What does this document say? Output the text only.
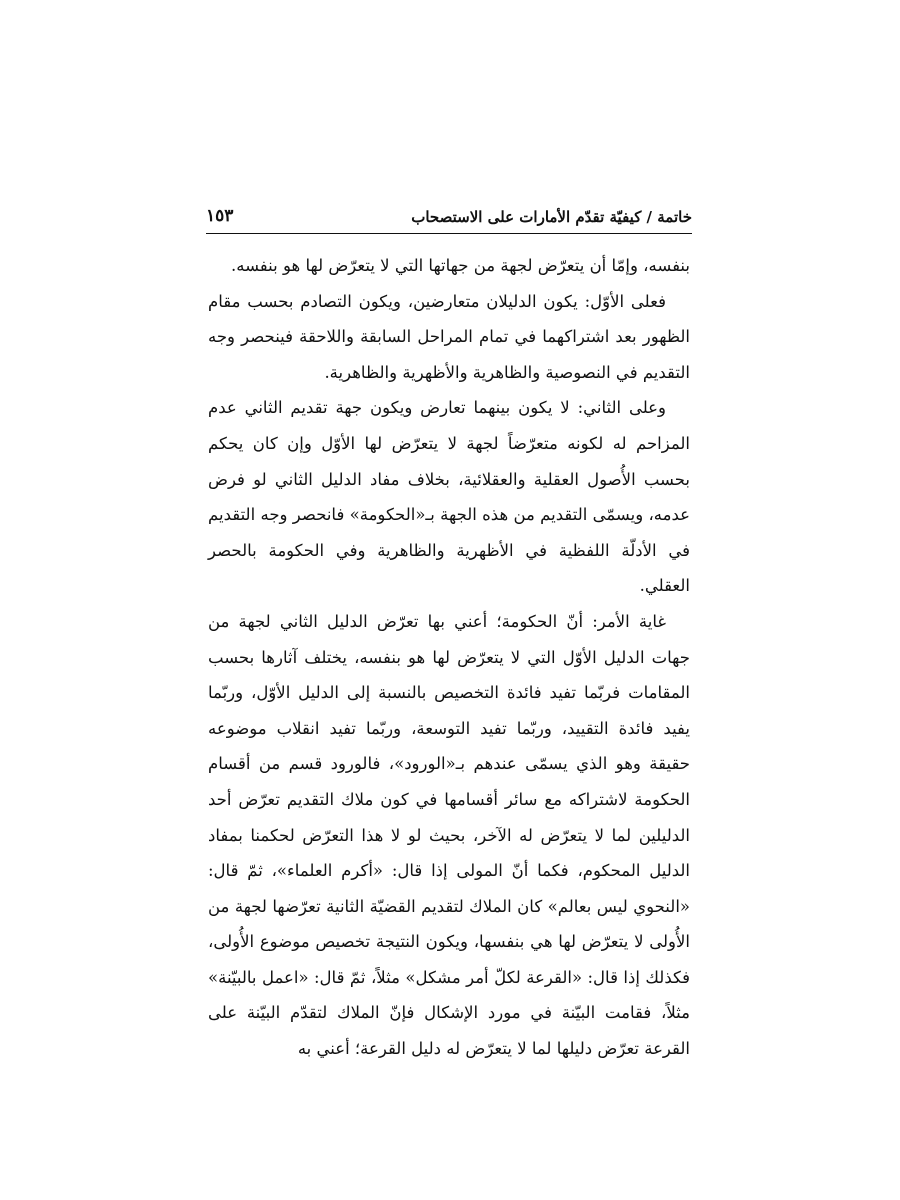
خاتمة / كيفيّة تقدّم الأمارات على الاستصحاب
١٥٣

بنفسه، وإمّا أن يتعرّض لجهة من جهاتها التي لا يتعرّض لها هو بنفسه.

فعلى الأوّل: يكون الدليلان متعارضين، ويكون التصادم بحسب مقام الظهور بعد اشتراكهما في تمام المراحل السابقة واللاحقة فينحصر وجه التقديم في النصوصية والظاهرية والأظهرية والظاهرية.

وعلى الثاني: لا يكون بينهما تعارض ويكون جهة تقديم الثاني عدم المزاحم له لكونه متعرّضاً لجهة لا يتعرّض لها الأوّل وإن كان يحكم بحسب الأُصول العقلية والعقلائية، بخلاف مفاد الدليل الثاني لو فرض عدمه، ويسمّى التقديم من هذه الجهة بـ«الحكومة» فانحصر وجه التقديم في الأدلّة اللفظية في الأظهرية والظاهرية وفي الحكومة بالحصر العقلي.

غاية الأمر: أنّ الحكومة؛ أعني بها تعرّض الدليل الثاني لجهة من جهات الدليل الأوّل التي لا يتعرّض لها هو بنفسه، يختلف آثارها بحسب المقامات فربّما تفيد فائدة التخصيص بالنسبة إلى الدليل الأوّل، وربّما يفيد فائدة التقييد، وربّما تفيد التوسعة، وربّما تفيد انقلاب موضوعه حقيقة وهو الذي يسمّى عندهم بـ«الورود»، فالورود قسم من أقسام الحكومة لاشتراكه مع سائر أقسامها في كون ملاك التقديم تعرّض أحد الدليلين لما لا يتعرّض له الآخر، بحيث لو لا هذا التعرّض لحكمنا بمفاد الدليل المحكوم، فكما أنّ المولى إذا قال: «أكرم العلماء»، ثمّ قال: «النحوي ليس بعالم» كان الملاك لتقديم القضيّة الثانية تعرّضها لجهة من الأُولى لا يتعرّض لها هي بنفسها، ويكون النتيجة تخصيص موضوع الأُولى، فكذلك إذا قال: «القرعة لكلّ أمر مشكل» مثلاً، ثمّ قال: «اعمل بالبيّنة» مثلاً، فقامت البيّنة في مورد الإشكال فإنّ الملاك لتقدّم البيّنة على القرعة تعرّض دليلها لما لا يتعرّض له دليل القرعة؛ أعني به
